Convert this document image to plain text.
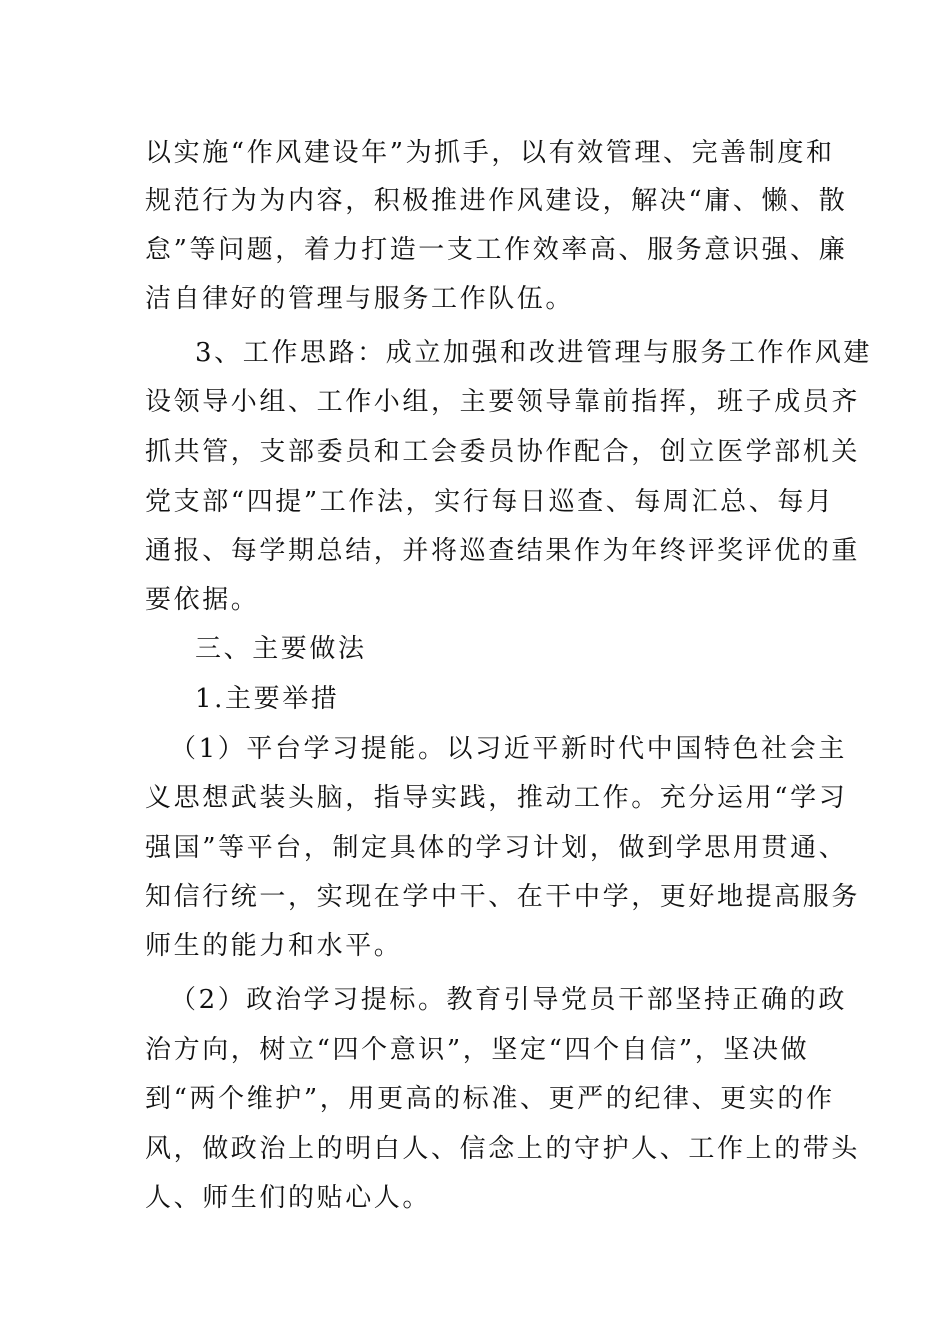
以实施“作风建设年”为抓手，以有效管理、完善制度和
规范行为为内容，积极推进作风建设，解决“庸、懒、散
怠”等问题，着力打造一支工作效率高、服务意识强、廉
洁自律好的管理与服务工作队伍。
3、工作思路：成立加强和改进管理与服务工作作风建
设领导小组、工作小组，主要领导靠前指挥，班子成员齐
抓共管，支部委员和工会委员协作配合，创立医学部机关
党支部“四提”工作法，实行每日巡查、每周汇总、每月
通报、每学期总结，并将巡查结果作为年终评奖评优的重
要依据。
三、主要做法
1.主要举措
（1）平台学习提能。以习近平新时代中国特色社会主
义思想武装头脑，指导实践，推动工作。充分运用“学习
强国”等平台，制定具体的学习计划，做到学思用贯通、
知信行统一，实现在学中干、在干中学，更好地提高服务
师生的能力和水平。
（2）政治学习提标。教育引导党员干部坚持正确的政
治方向，树立“四个意识”，坚定“四个自信”，坚决做
到“两个维护”，用更高的标准、更严的纪律、更实的作
风，做政治上的明白人、信念上的守护人、工作上的带头
人、师生们的贴心人。
